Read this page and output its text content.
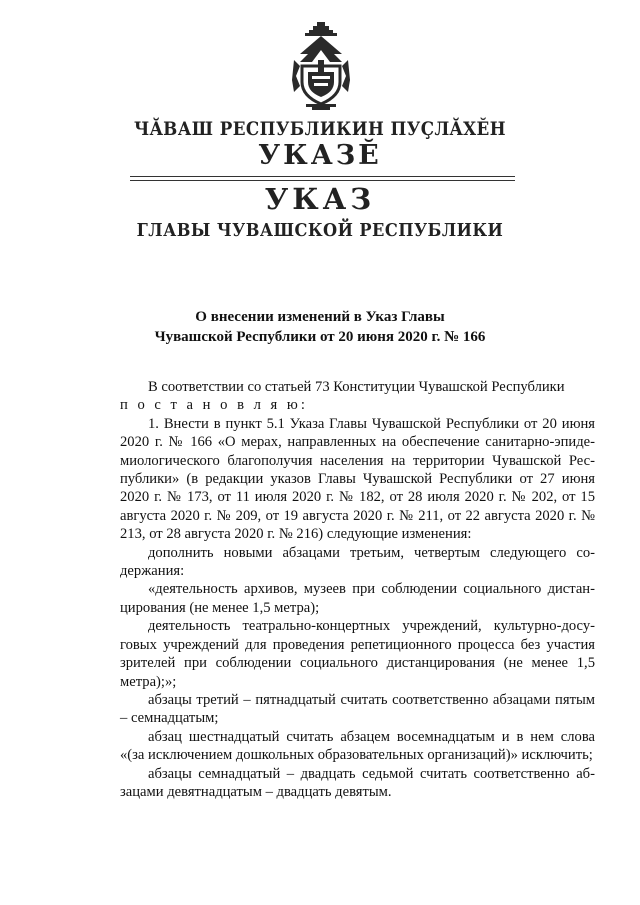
ЧĂВАШ РЕСПУБЛИКИН ПУҪЛĂХĔН
УКАЗĔ
УКАЗ
ГЛАВЫ ЧУВАШСКОЙ РЕСПУБЛИКИ
О внесении изменений в Указ Главы
Чувашской Республики от 20 июня 2020 г. № 166

В соответствии со статьей 73 Конституции Чувашской Республики

п о с т а н о в л я ю:

1. Внести в пункт 5.1 Указа Главы Чувашской Республики от 20 июня 2020 г. № 166 «О мерах, направленных на обеспечение санитарно-эпидемиологического благополучия населения на территории Чувашской Республики» (в редакции указов Главы Чувашской Республики от 27 июня 2020 г. № 173, от 11 июля 2020 г. № 182, от 28 июля 2020 г. № 202, от 15 августа 2020 г. № 209, от 19 августа 2020 г. № 211, от 22 августа 2020 г. № 213, от 28 августа 2020 г. № 216) следующие изменения:

дополнить новыми абзацами третьим, четвертым следующего содержания:

«деятельность архивов, музеев при соблюдении социального дистанцирования (не менее 1,5 метра);

деятельность театрально-концертных учреждений, культурно-досуговых учреждений для проведения репетиционного процесса без участия зрителей при соблюдении социального дистанцирования (не менее 1,5 метра);»;

абзацы третий – пятнадцатый считать соответственно абзацами пятым – семнадцатым;

абзац шестнадцатый считать абзацем восемнадцатым и в нем слова «(за исключением дошкольных образовательных организаций)» исключить;

абзацы семнадцатый – двадцать седьмой считать соответственно абзацами девятнадцатым – двадцать девятым.
